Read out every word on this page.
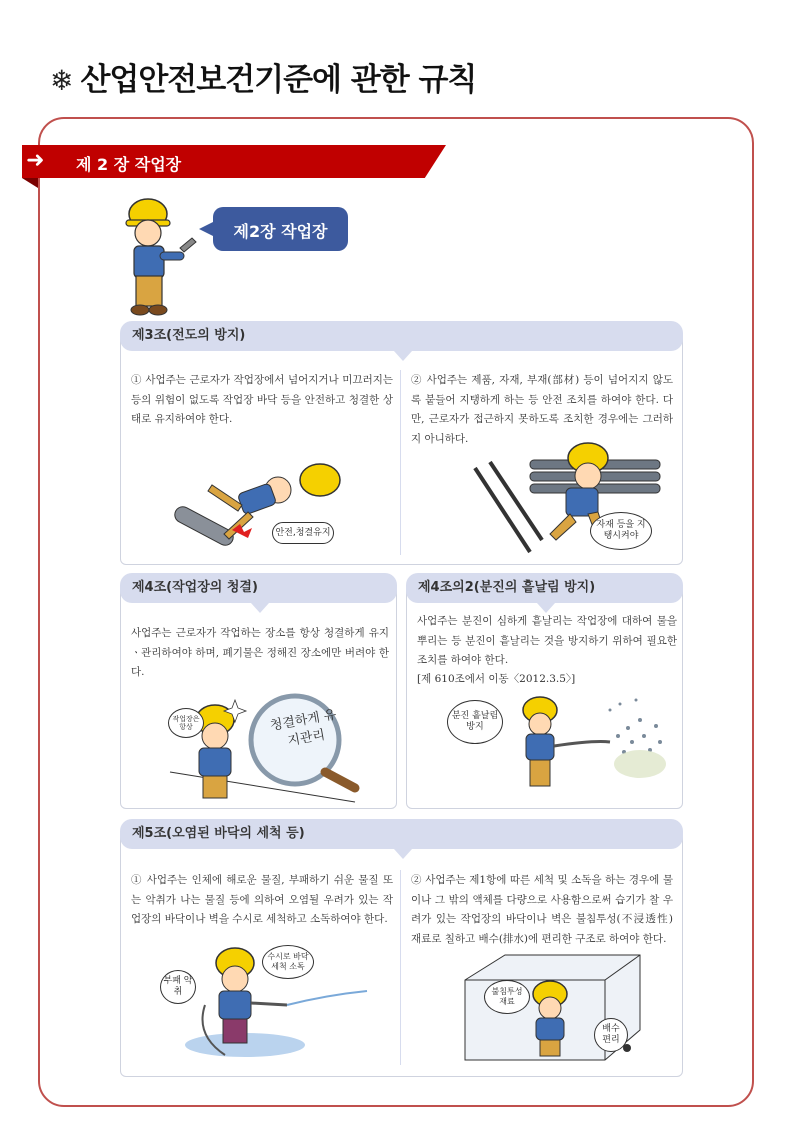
❄ 산업안전보건기준에 관한 규칙
➜ 제 2 장 작업장
제2장 작업장
제3조(전도의 방지)
① 사업주는 근로자가 작업장에서 넘어지거나 미끄러지는 등의 위험이 없도록 작업장 바닥 등을 안전하고 청결한 상태로 유지하여야 한다.
② 사업주는 제품, 자재, 부재(部材) 등이 넘어지지 않도록 붙들어 지탱하게 하는 등 안전 조치를 하여야 한다. 다만, 근로자가 접근하지 못하도록 조치한 경우에는 그러하지 아니하다.
안전,청결유지
자재 등을 지탱시켜야
제4조(작업장의 청결)
사업주는 근로자가 작업하는 장소를 항상 청결하게 유지ㆍ관리하여야 하며, 폐기물은 정해진 장소에만 버려야 한다.
작업장은 항상	청결하게 유지관리
제4조의2(분진의 흩날림 방지)
사업주는 분진이 심하게 흩날리는 작업장에 대하여 물을 뿌리는 등 분진이 흩날리는 것을 방지하기 위하여 필요한 조치를 하여야 한다.
[제 610조에서 이동〈2012.3.5〉]
분진 흩날림 방지
제5조(오염된 바닥의 세척 등)
① 사업주는 인체에 해로운 물질, 부패하기 쉬운 물질 또는 악취가 나는 물질 등에 의하여 오염될 우려가 있는 작업장의 바닥이나 벽을 수시로 세척하고 소독하여야 한다.
② 사업주는 제1항에 따른 세척 및 소독을 하는 경우에 물이나 그 밖의 액체를 다량으로 사용함으로써 습기가 찰 우려가 있는 작업장의 바닥이나 벽은 불침투성(不浸透性) 재료로 칠하고 배수(排水)에 편리한 구조로 하여야 한다.
부패 악취
수시로 바닥 세척 소독
불침투성 재료
배수 편리
